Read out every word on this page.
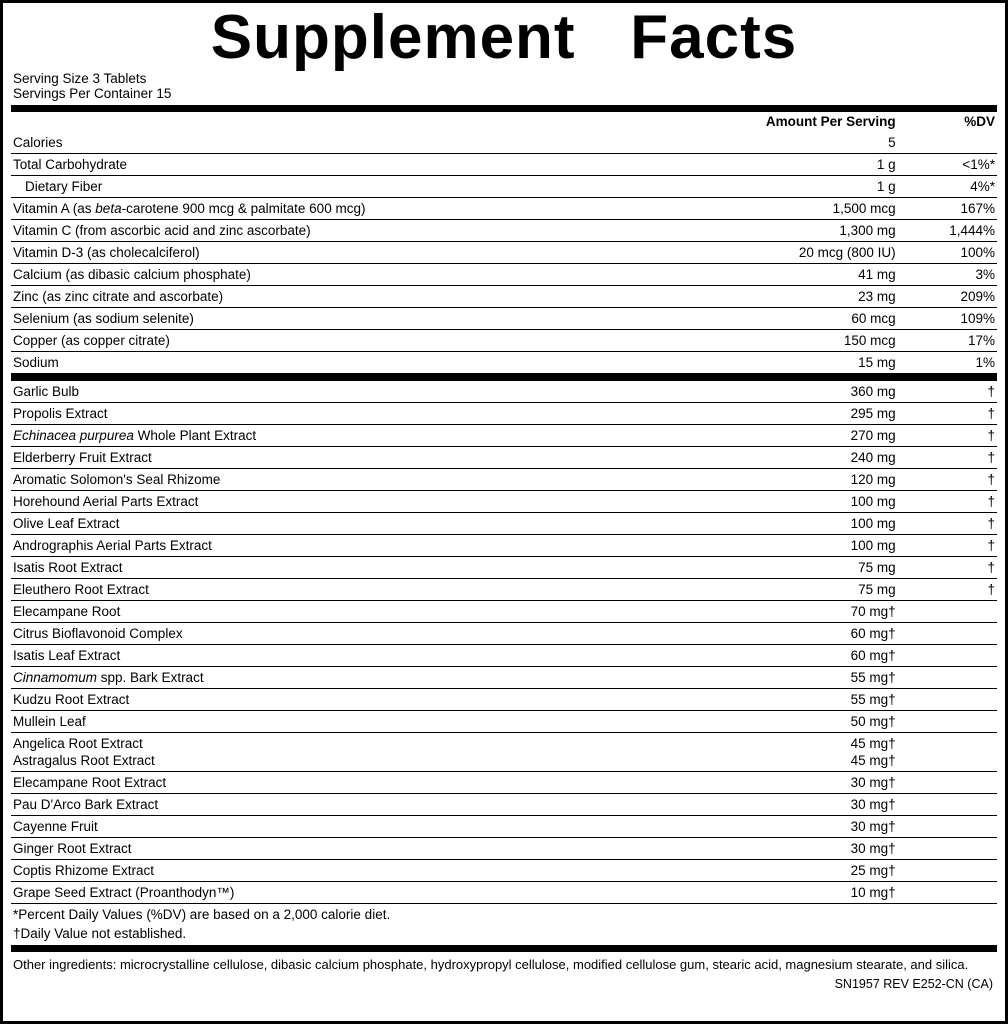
Supplement   Facts
Serving Size 3 Tablets
Servings Per Container 15
	Amount Per Serving	%DV
Calories	5	
Total Carbohydrate	1 g	<1%*
Dietary Fiber	1 g	4%*
Vitamin A (as beta-carotene 900 mcg & palmitate 600 mcg)	1,500 mcg	167%
Vitamin C (from ascorbic acid and zinc ascorbate)	1,300 mg	1,444%
Vitamin D-3 (as cholecalciferol)	20 mcg (800 IU)	100%
Calcium (as dibasic calcium phosphate)	41 mg	3%
Zinc (as zinc citrate and ascorbate)	23 mg	209%
Selenium (as sodium selenite)	60 mcg	109%
Copper (as copper citrate)	150 mcg	17%
Sodium	15 mg	1%

Garlic Bulb	360 mg	†
Propolis Extract	295 mg	†
Echinacea purpurea Whole Plant Extract	270 mg	†
Elderberry Fruit Extract	240 mg	†
Aromatic Solomon's Seal Rhizome	120 mg	†
Horehound Aerial Parts Extract	100 mg	†
Olive Leaf Extract	100 mg	†
Andrographis Aerial Parts Extract	100 mg	†
Isatis Root Extract	75 mg	†
Eleuthero Root Extract	75 mg	†
Elecampane Root	70 mg†	
Citrus Bioflavonoid Complex	60 mg†	
Isatis Leaf Extract	60 mg†	
Cinnamomum spp. Bark Extract	55 mg†	
Kudzu Root Extract	55 mg†	
Mullein Leaf	50 mg†	
Angelica Root Extract	45 mg†	
Astragalus Root Extract	45 mg†	
Elecampane Root Extract	30 mg†	
Pau D'Arco Bark Extract	30 mg†	
Cayenne Fruit	30 mg†	
Ginger Root Extract	30 mg†	
Coptis Rhizome Extract	25 mg†	
Grape Seed Extract (Proanthodyn™)	10 mg†	
*Percent Daily Values (%DV) are based on a 2,000 calorie diet.
†Daily Value not established.
Other ingredients: microcrystalline cellulose, dibasic calcium phosphate, hydroxypropyl cellulose, modified cellulose gum, stearic acid, magnesium stearate, and silica.
SN1957 REV E252-CN (CA)
